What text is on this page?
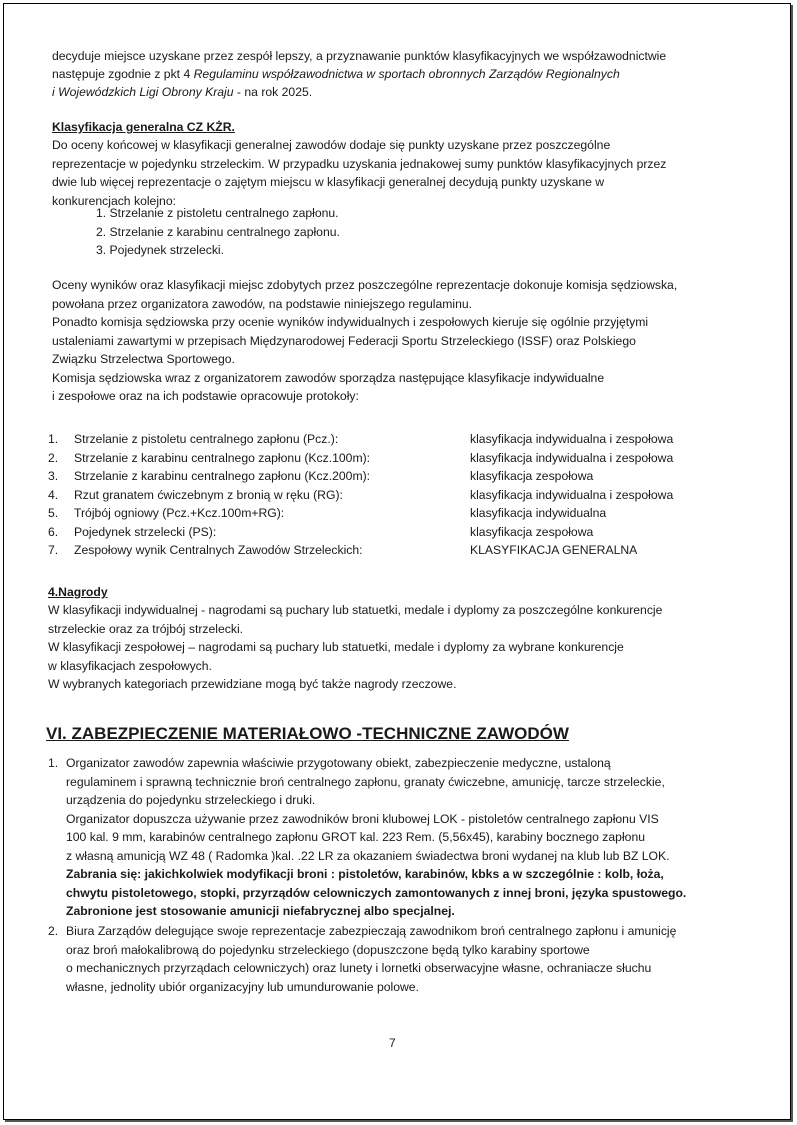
decyduje miejsce uzyskane przez zespół lepszy, a przyznawanie punktów klasyfikacyjnych we współzawodnictwie
następuje zgodnie z pkt 4 Regulaminu współzawodnictwa w sportach obronnych Zarządów Regionalnych
i Wojewódzkich Ligi Obrony Kraju - na rok 2025.
Klasyfikacja generalna CZ KŻR.
Do oceny końcowej w klasyfikacji generalnej zawodów dodaje się punkty uzyskane przez poszczególne
reprezentacje w pojedynku strzeleckim. W przypadku uzyskania jednakowej sumy punktów klasyfikacyjnych przez
dwie lub więcej reprezentacje o zajętym miejscu w klasyfikacji generalnej decydują punkty uzyskane w
konkurencjach kolejno:
1. Strzelanie z pistoletu centralnego zapłonu.
2. Strzelanie z karabinu centralnego zapłonu.
3. Pojedynek strzelecki.
Oceny wyników oraz klasyfikacji miejsc zdobytych przez poszczególne reprezentacje dokonuje komisja sędziowska,
powołana przez organizatora zawodów, na podstawie niniejszego regulaminu.
Ponadto komisja sędziowska przy ocenie wyników indywidualnych i zespołowych kieruje się ogólnie przyjętymi
ustaleniami zawartymi w przepisach Międzynarodowej Federacji Sportu Strzeleckiego (ISSF) oraz Polskiego
Związku Strzelectwa Sportowego.
Komisja sędziowska wraz z organizatorem zawodów sporządza następujące klasyfikacje indywidualne
i zespołowe oraz na ich podstawie opracowuje protokoły:
1. Strzelanie z pistoletu centralnego zapłonu (Pcz.):
2. Strzelanie z karabinu centralnego zapłonu (Kcz.100m):
3. Strzelanie z karabinu centralnego zapłonu (Kcz.200m):
4. Rzut granatem ćwiczebnym z bronią w ręku (RG):
5. Trójbój ogniowy (Pcz.+Kcz.100m+RG):
6. Pojedynek strzelecki (PS):
7. Zespołowy wynik Centralnych Zawodów Strzeleckich:
klasyfikacja indywidualna i zespołowa
klasyfikacja indywidualna i zespołowa
klasyfikacja zespołowa
klasyfikacja indywidualna i zespołowa
klasyfikacja indywidualna
klasyfikacja zespołowa
KLASYFIKACJA GENERALNA
4.Nagrody
W klasyfikacji indywidualnej - nagrodami są puchary lub statuetki, medale i dyplomy za poszczególne konkurencje
strzeleckie oraz za trójbój strzelecki.
W klasyfikacji zespołowej – nagrodami są puchary lub statuetki, medale i dyplomy za wybrane konkurencje
w klasyfikacjach zespołowych.
W wybranych kategoriach przewidziane mogą być także nagrody rzeczowe.
VI. ZABEZPIECZENIE MATERIAŁOWO -TECHNICZNE ZAWODÓW
1. Organizator zawodów zapewnia właściwie przygotowany obiekt, zabezpieczenie medyczne, ustaloną
regulaminem i sprawną technicznie broń centralnego zapłonu, granaty ćwiczebne, amunicję, tarcze strzeleckie,
urządzenia do pojedynku strzeleckiego i druki.
Organizator dopuszcza używanie przez zawodników broni klubowej LOK - pistoletów centralnego zapłonu VIS
100 kal. 9 mm, karabinów centralnego zapłonu GROT kal. 223 Rem. (5,56x45), karabiny bocznego zapłonu
z własną amunicją WZ 48 ( Radomka )kal. .22 LR za okazaniem świadectwa broni wydanej na klub lub BZ LOK.
Zabrania się: jakichkolwiek modyfikacji broni : pistoletów, karabinów, kbks a w szczególnie : kolb, łoża,
chwytu pistoletowego, stopki, przyrządów celowniczych zamontowanych z innej broni, języka spustowego.
Zabronione jest stosowanie amunicji niefabrycznej albo specjalnej.
2. Biura Zarządów delegujące swoje reprezentacje zabezpieczają zawodnikom broń centralnego zapłonu i amunicję
oraz broń małokalibrową do pojedynku strzeleckiego (dopuszczone będą tylko karabiny sportowe
o mechanicznych przyrządach celowniczych) oraz lunety i lornetki obserwacyjne własne, ochraniacze słuchu
własne, jednolity ubiór organizacyjny lub umundurowanie polowe.
7
